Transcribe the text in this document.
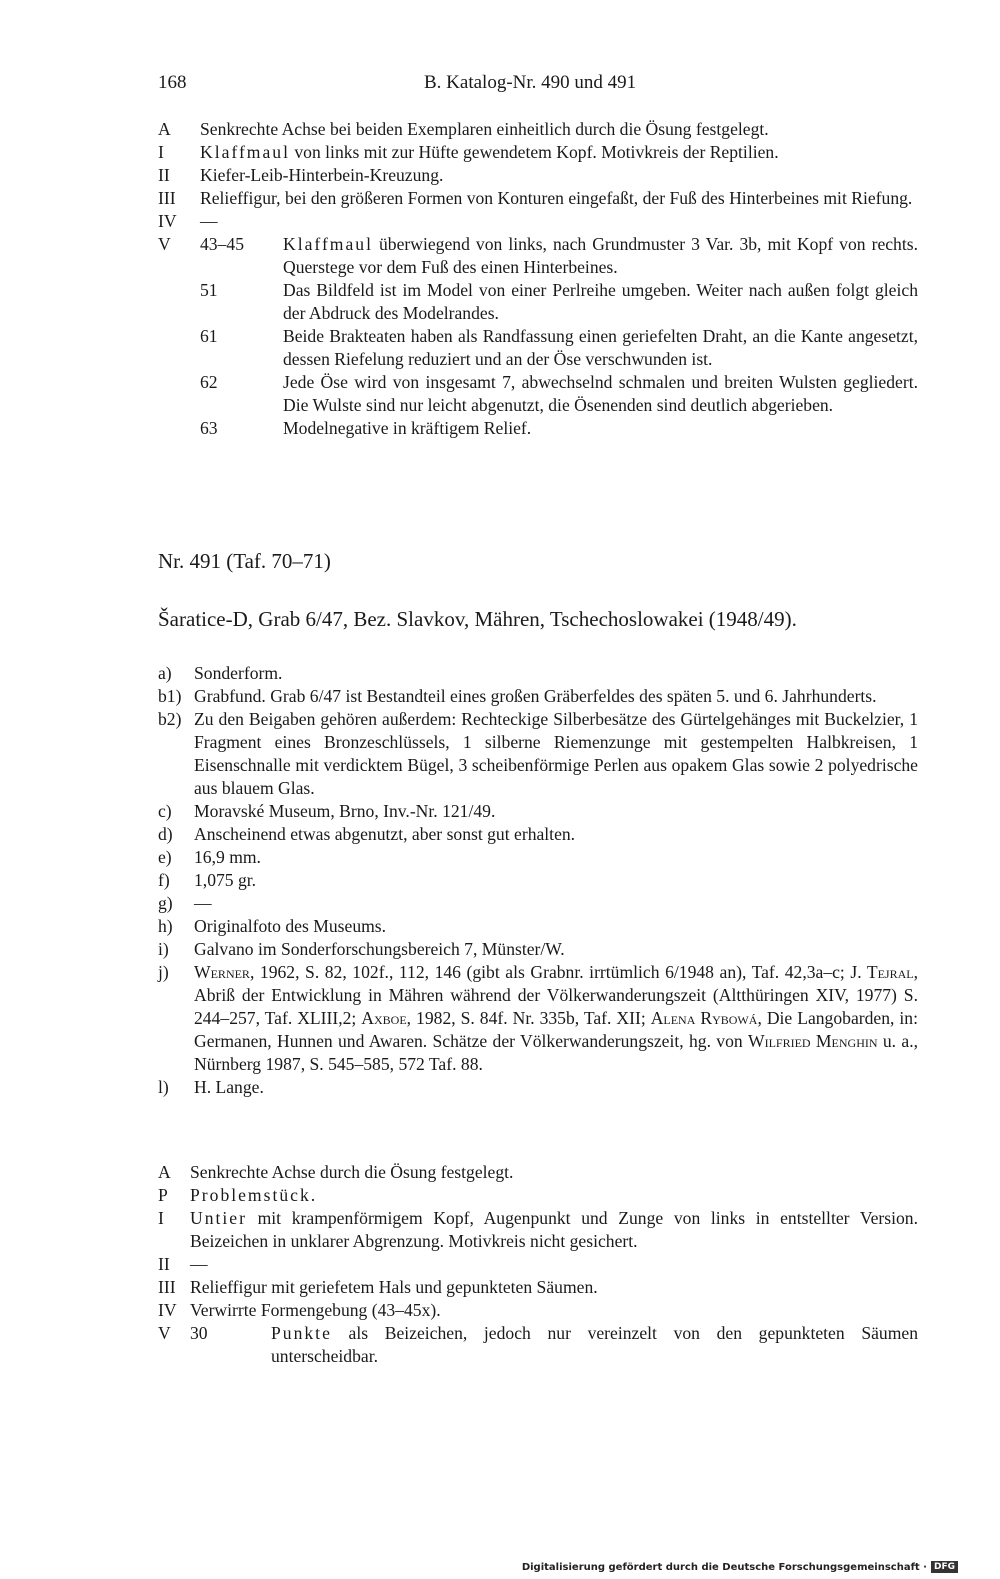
168	B. Katalog-Nr. 490 und 491
A	Senkrechte Achse bei beiden Exemplaren einheitlich durch die Ösung festgelegt.
I	Klaffmaul von links mit zur Hüfte gewendetem Kopf. Motivkreis der Reptilien.
II	Kiefer-Leib-Hinterbein-Kreuzung.
III	Relieffigur, bei den größeren Formen von Konturen eingefaßt, der Fuß des Hinterbeines mit Riefung.
IV	—
V	43–45	Klaffmaul überwiegend von links, nach Grundmuster 3 Var. 3b, mit Kopf von rechts. Querstege vor dem Fuß des einen Hinterbeines.
51	Das Bildfeld ist im Model von einer Perlreihe umgeben. Weiter nach außen folgt gleich der Abdruck des Modelrandes.
61	Beide Brakteaten haben als Randfassung einen geriefelten Draht, an die Kante angesetzt, dessen Riefelung reduziert und an der Öse verschwunden ist.
62	Jede Öse wird von insgesamt 7, abwechselnd schmalen und breiten Wulsten gegliedert. Die Wulste sind nur leicht abgenutzt, die Ösenenden sind deutlich abgerieben.
63	Modelnegative in kräftigem Relief.
Nr. 491 (Taf. 70–71)
Šaratice-D, Grab 6/47, Bez. Slavkov, Mähren, Tschechoslowakei (1948/49).
a)	Sonderform.
b1) Grabfund. Grab 6/47 ist Bestandteil eines großen Gräberfeldes des späten 5. und 6. Jahrhunderts.
b2) Zu den Beigaben gehören außerdem: Rechteckige Silberbesätze des Gürtelgehänges mit Buckelzier, 1 Fragment eines Bronzeschlüssels, 1 silberne Riemenzunge mit gestempelten Halbkreisen, 1 Eisenschnalle mit verdicktem Bügel, 3 scheibenförmige Perlen aus opakem Glas sowie 2 polyedrische aus blauem Glas.
c)	Moravské Museum, Brno, Inv.-Nr. 121/49.
d)	Anscheinend etwas abgenutzt, aber sonst gut erhalten.
e)	16,9 mm.
f)	1,075 gr.
g)	—
h)	Originalfoto des Museums.
i)	Galvano im Sonderforschungsbereich 7, Münster/W.
j)	Werner, 1962, S. 82, 102f., 112, 146 (gibt als Grabnr. irrtümlich 6/1948 an), Taf. 42,3a–c; J. Tejral, Abriß der Entwicklung in Mähren während der Völkerwanderungszeit (Altthüringen XIV, 1977) S. 244–257, Taf. XLIII,2; Axboe, 1982, S. 84f. Nr. 335b, Taf. XII; Alena Rybowá, Die Langobarden, in: Germanen, Hunnen und Awaren. Schätze der Völkerwanderungszeit, hg. von Wilfried Menghin u. a., Nürnberg 1987, S. 545–585, 572 Taf. 88.
l)	H. Lange.
A	Senkrechte Achse durch die Ösung festgelegt.
P	Problemstück.
I	Untier mit krampenförmigem Kopf, Augenpunkt und Zunge von links in entstellter Version. Beizeichen in unklarer Abgrenzung. Motivkreis nicht gesichert.
II	—
III Relieffigur mit geriefetem Hals und gepunkteten Säumen.
IV Verwirrte Formengebung (43–45x).
V	30	Punkte als Beizeichen, jedoch nur vereinzelt von den gepunkteten Säumen unterscheidbar.
Digitalisierung gefördert durch die Deutsche Forschungsgemeinschaft · DFG
